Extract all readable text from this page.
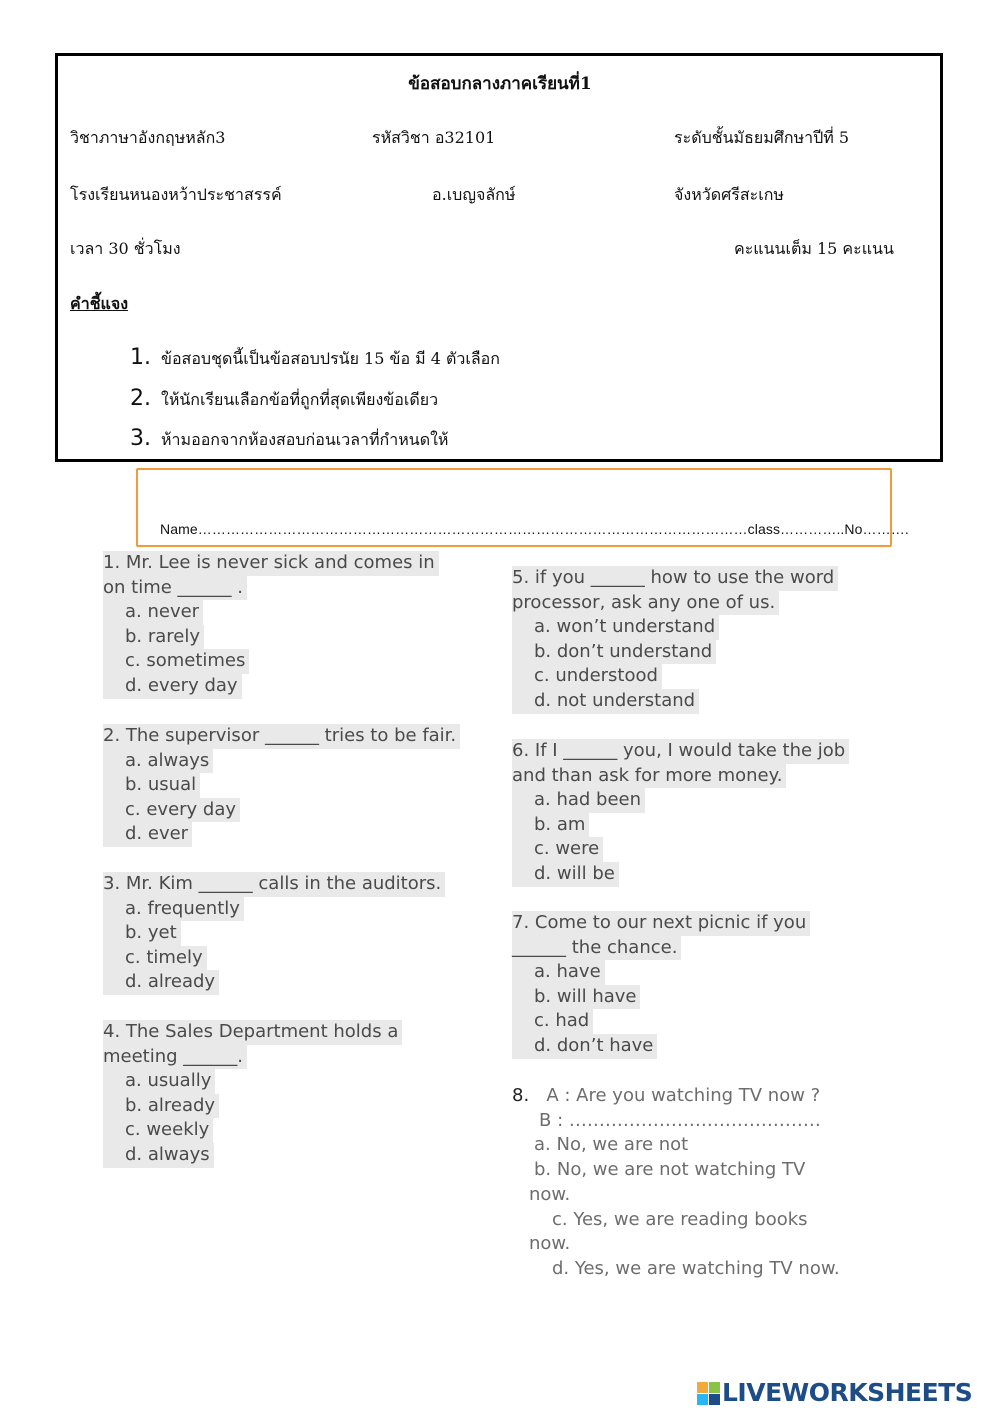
ข้อสอบกลางภาคเรียนที่1
วิชาภาษาอังกฤษหลัก3	รหัสวิชา อ32101	ระดับชั้นมัธยมศึกษาปีที่ 5
โรงเรียนหนองหว้าประชาสรรค์	อ.เบญจลักษ์	จังหวัดศรีสะเกษ
เวลา 30 ชั่วโมง	คะแนนเต็ม 15 คะแนน
คำชี้แจง
1. ข้อสอบชุดนี้เป็นข้อสอบปรนัย 15 ข้อ มี 4 ตัวเลือก
2. ให้นักเรียนเลือกข้อที่ถูกที่สุดเพียงข้อเดียว
3. ห้ามออกจากห้องสอบก่อนเวลาที่กำหนดให้
Name………………………………………………………………………………………………………class…………..No……….
1. Mr. Lee is never sick and comes in
on time ______ .
a. never
b. rarely
c. sometimes
d. every day
2. The supervisor ______ tries to be fair.
a. always
b. usual
c. every day
d. ever
3. Mr. Kim ______ calls in the auditors.
a. frequently
b. yet
c. timely
d. already
4. The Sales Department holds a
meeting ______.
a. usually
b. already
c. weekly
d. always
5. if you ______ how to use the word
processor, ask any one of us.
a. won’t understand
b. don’t understand
c. understood
d. not understand
6. If I ______ you, I would take the job
and than ask for more money.
a. had been
b. am
c. were
d. will be
7. Come to our next picnic if you
______ the chance.
a. have
b. will have
c. had
d. don’t have
8. A : Are you watching TV now ?
B : ……………………………………
a. No, we are not
b. No, we are not watching TV
now.
c. Yes, we are reading books
now.
d. Yes, we are watching TV now.
LIVEWORKSHEETS
